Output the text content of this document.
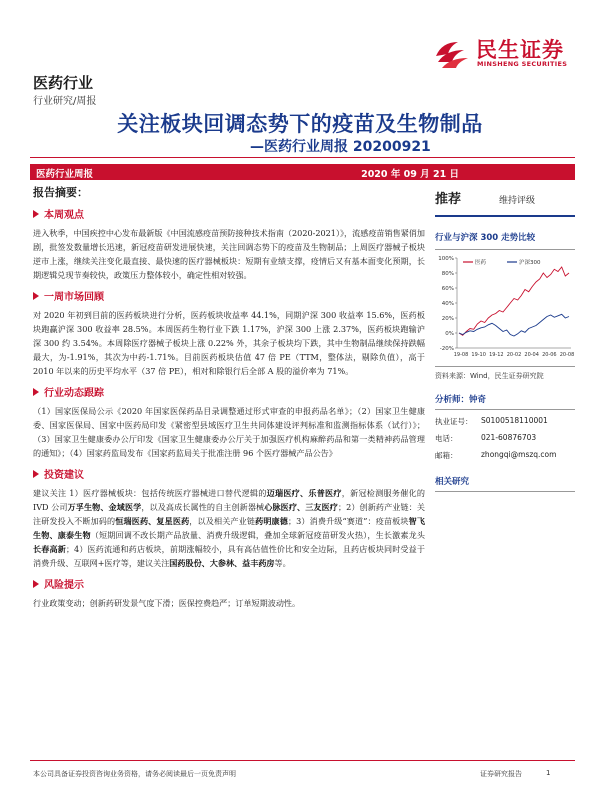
民生证券
MINSHENG SECURITIES
医药行业
行业研究/周报
关注板块回调态势下的疫苗及生物制品
—医药行业周报 20200921
医药行业周报	2020 年 09 月 21 日
报告摘要：
本周观点

进入秋季，中国疾控中心发布最新版《中国流感疫苗预防接种技术指南（2020-2021）》，流感疫苗销售紧俏加剧，批签发数量增长迅速，新冠疫苗研发进展快速，关注回调态势下的疫苗及生物制品；上周医疗器械子板块逆市上涨，继续关注变化最直接、最快速的医疗器械板块：短期有业绩支撑，疫情后又有基本面变化预期，长期逻辑兑现节奏较快，政策压力整体较小，确定性相对较强。

一周市场回顾

对 2020 年初到目前的医药板块进行分析，医药板块收益率 44.1%，同期沪深 300 收益率 15.6%，医药板块跑赢沪深 300 收益率 28.5%。本周医药生物行业下跌 1.17%，沪深 300 上涨 2.37%，医药板块跑输沪深 300 约 3.54%。本周除医疗器械子板块上涨 0.22% 外，其余子板块均下跌，其中生物制品继续保持跌幅最大，为-1.91%，其次为中药-1.71%。目前医药板块估值 47 倍 PE（TTM，整体法，剔除负值），高于 2010 年以来的历史平均水平（37 倍 PE），相对和除银行后全部 A 股的溢价率为 71%。

行业动态跟踪

（1）国家医保局公示《2020 年国家医保药品目录调整通过形式审查的申报药品名单》；（2）国家卫生健康委、国家医保局、国家中医药局印发《紧密型县域医疗卫生共同体建设评判标准和监测指标体系（试行）》；（3）国家卫生健康委办公厅印发《国家卫生健康委办公厅关于加强医疗机构麻醉药品和第一类精神药品管理的通知》；（4）国家药监局发布《国家药监局关于批准注册 96 个医疗器械产品公告》

投资建议

建议关注 1）医疗器械板块：包括传统医疗器械进口替代逻辑的迈瑞医疗、乐普医疗，新冠检测服务催化的 IVD 公司万孚生物、金域医学，以及高成长属性的自主创新器械心脉医疗、三友医疗；2）创新药产业链：关注研发投入不断加码的恒瑞医药、复星医药，以及相关产业链药明康德；3）消费升级“赛道”：疫苗板块智飞生物、康泰生物（短期回调不改长期产品放量、消费升级逻辑，叠加全球新冠疫苗研发火热），生长激素龙头长春高新；4）医药流通和药店板块，前期涨幅较小，具有高估值性价比和安全边际，且药店板块同时受益于消费升级、互联网+医疗等，建议关注国药股份、大参林、益丰药房等。

风险提示

行业政策变动；创新药研发景气度下滑；医保控费趋严；订单短期波动性。

推荐	维持评级
行业与沪深 300 走势比较
100%
80%
60%
40%
20%
0%
-20%
19-08 19-10 19-12 20-02 20-04 20-06 20-08
医药	沪深300
资料来源：Wind，民生证券研究院
分析师：钟奇
执业证号：	S0100518110001
电话：	021-60876703
邮箱：	zhongqi@mszq.com
相关研究
本公司具备证券投资咨询业务资格，请务必阅读最后一页免责声明	证券研究报告	1
